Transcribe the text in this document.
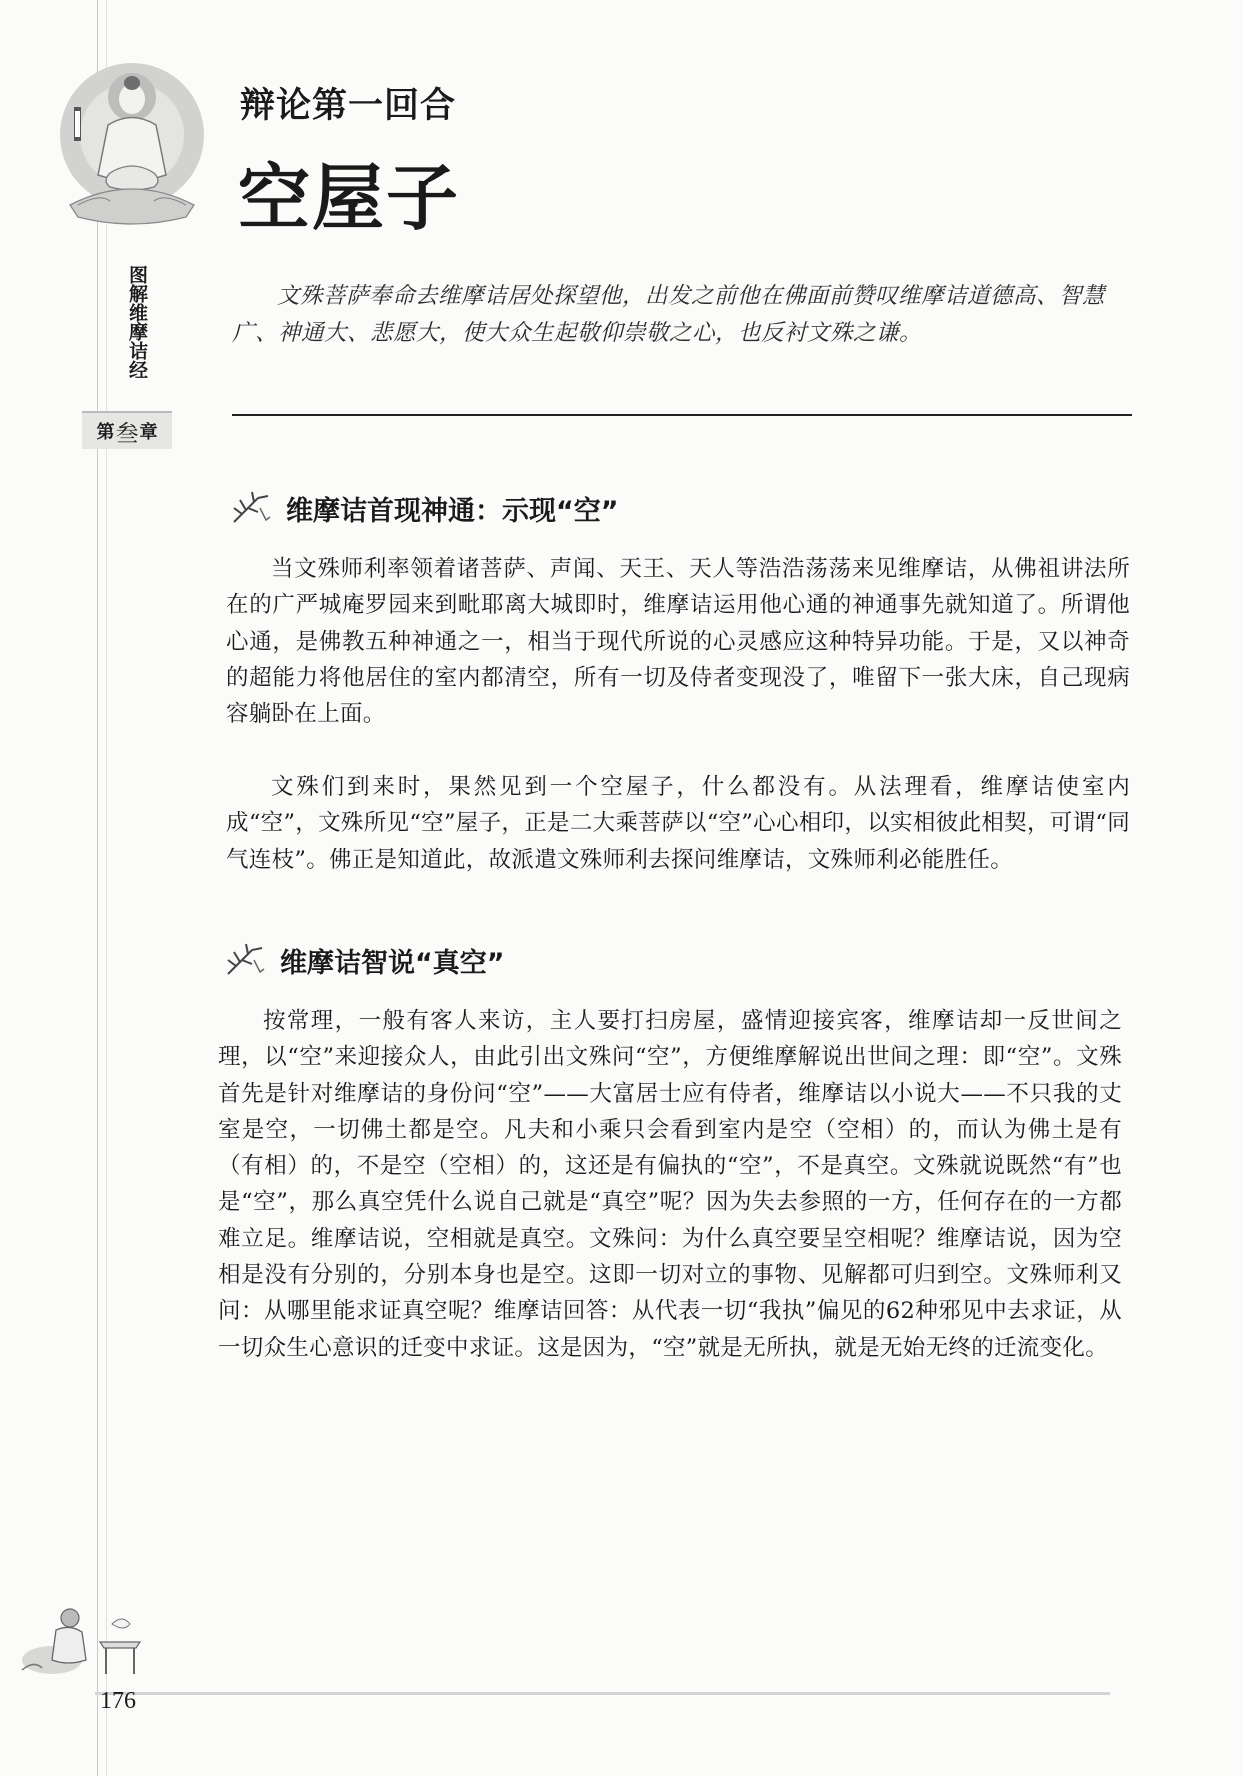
图解维摩诘经
第 叁 章
辩论第一回合
空屋子
文殊菩萨奉命去维摩诘居处探望他，出发之前他在佛面前赞叹维摩诘道德高、智慧广、神通大、悲愿大，使大众生起敬仰崇敬之心，也反衬文殊之谦。
维摩诘首现神通：示现“空”
当文殊师利率领着诸菩萨、声闻、天王、天人等浩浩荡荡来见维摩诘，从佛祖讲法所在的广严城庵罗园来到毗耶离大城即时，维摩诘运用他心通的神通事先就知道了。所谓他心通，是佛教五种神通之一，相当于现代所说的心灵感应这种特异功能。于是，又以神奇的超能力将他居住的室内都清空，所有一切及侍者变现没了，唯留下一张大床，自己现病容躺卧在上面。
文殊们到来时，果然见到一个空屋子，什么都没有。从法理看，维摩诘使室内成“空”，文殊所见“空”屋子，正是二大乘菩萨以“空”心心相印，以实相彼此相契，可谓“同气连枝”。佛正是知道此，故派遣文殊师利去探问维摩诘，文殊师利必能胜任。
维摩诘智说“真空”
按常理，一般有客人来访，主人要打扫房屋，盛情迎接宾客，维摩诘却一反世间之理，以“空”来迎接众人，由此引出文殊问“空”，方便维摩解说出世间之理：即“空”。文殊首先是针对维摩诘的身份问“空”——大富居士应有侍者，维摩诘以小说大——不只我的丈室是空，一切佛土都是空。凡夫和小乘只会看到室内是空（空相）的，而认为佛土是有（有相）的，不是空（空相）的，这还是有偏执的“空”，不是真空。文殊就说既然“有”也是“空”，那么真空凭什么说自己就是“真空”呢？因为失去参照的一方，任何存在的一方都难立足。维摩诘说，空相就是真空。文殊问：为什么真空要呈空相呢？维摩诘说，因为空相是没有分别的，分别本身也是空。这即一切对立的事物、见解都可归到空。文殊师利又问：从哪里能求证真空呢？维摩诘回答：从代表一切“我执”偏见的62种邪见中去求证，从一切众生心意识的迁变中求证。这是因为，“空”就是无所执，就是无始无终的迁流变化。
176
